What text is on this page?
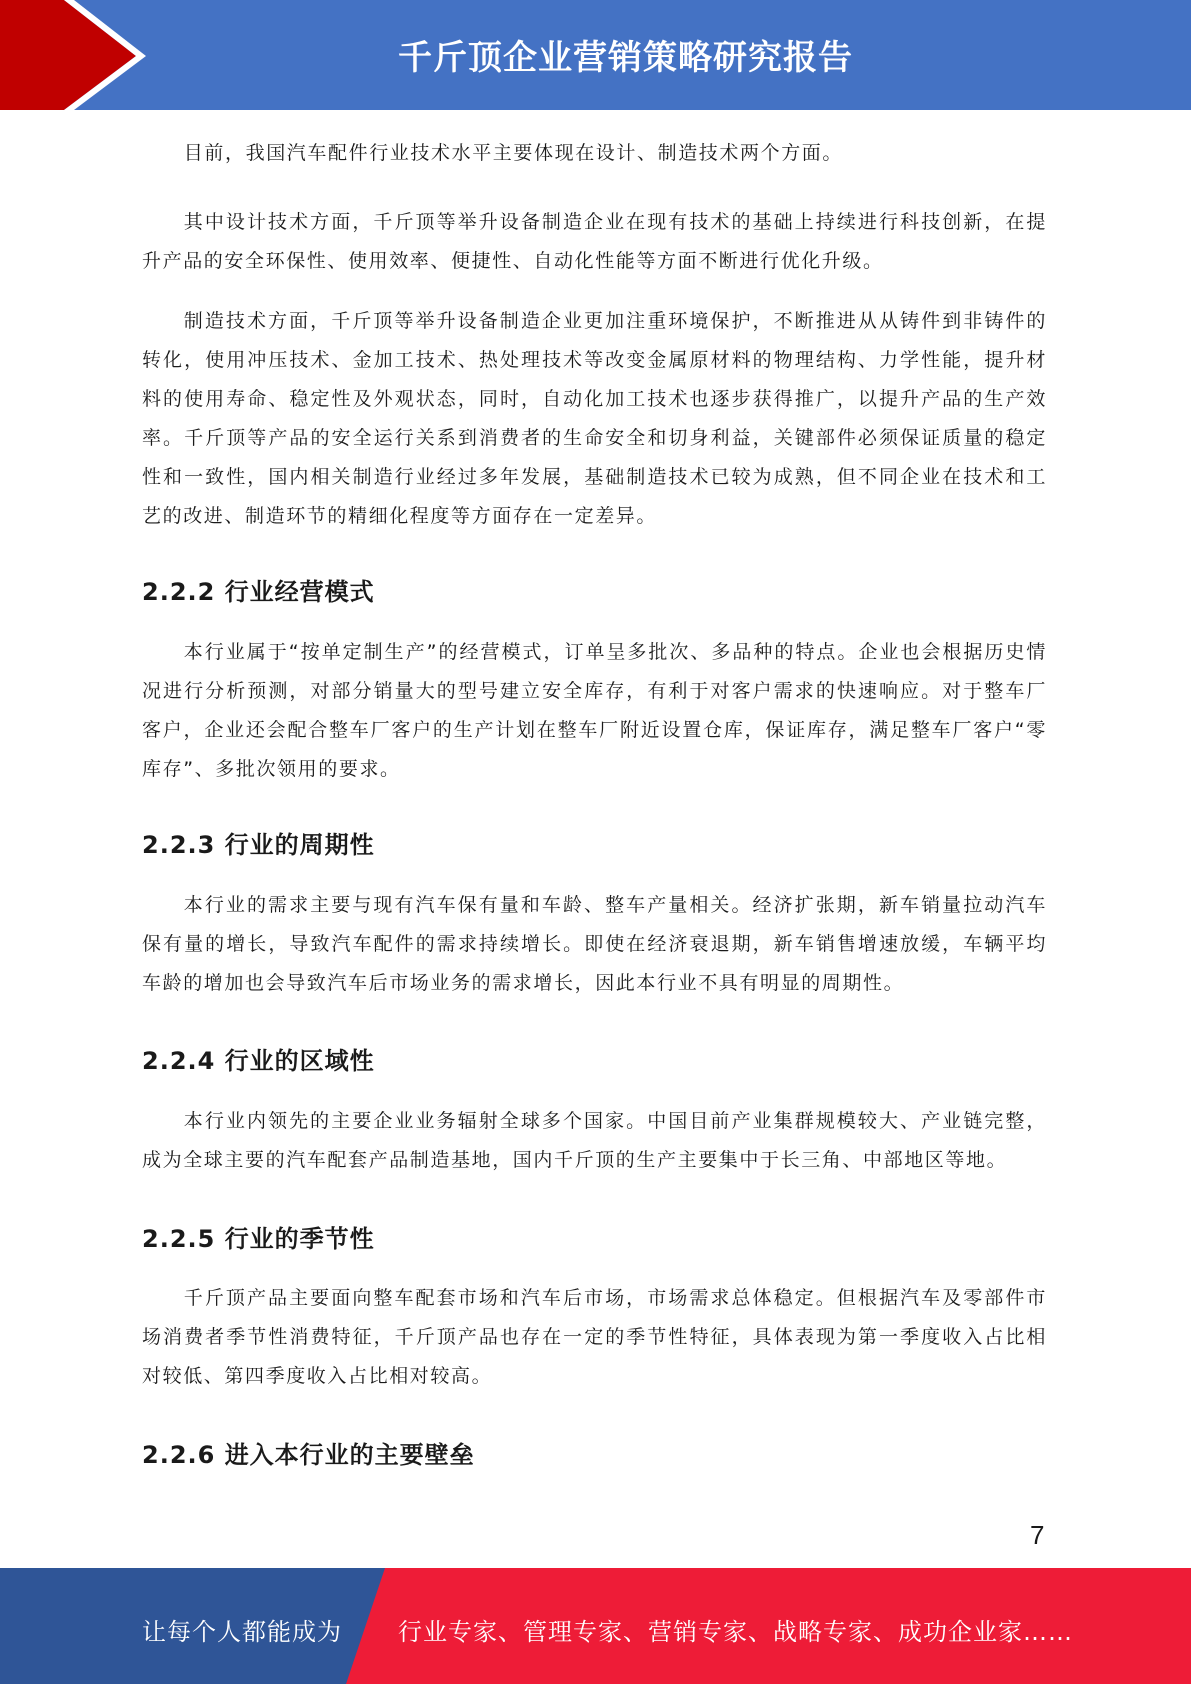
千斤顶企业营销策略研究报告

目前，我国汽车配件行业技术水平主要体现在设计、制造技术两个方面。

其中设计技术方面，千斤顶等举升设备制造企业在现有技术的基础上持续进行科技创新，在提升产品的安全环保性、使用效率、便捷性、自动化性能等方面不断进行优化升级。

制造技术方面，千斤顶等举升设备制造企业更加注重环境保护，不断推进从从铸件到非铸件的转化，使用冲压技术、金加工技术、热处理技术等改变金属原材料的物理结构、力学性能，提升材料的使用寿命、稳定性及外观状态，同时，自动化加工技术也逐步获得推广，以提升产品的生产效率。千斤顶等产品的安全运行关系到消费者的生命安全和切身利益，关键部件必须保证质量的稳定性和一致性，国内相关制造行业经过多年发展，基础制造技术已较为成熟，但不同企业在技术和工艺的改进、制造环节的精细化程度等方面存在一定差异。

2.2.2 行业经营模式

本行业属于“按单定制生产”的经营模式，订单呈多批次、多品种的特点。企业也会根据历史情况进行分析预测，对部分销量大的型号建立安全库存，有利于对客户需求的快速响应。对于整车厂客户，企业还会配合整车厂客户的生产计划在整车厂附近设置仓库，保证库存，满足整车厂客户“零库存”、多批次领用的要求。

2.2.3 行业的周期性

本行业的需求主要与现有汽车保有量和车龄、整车产量相关。经济扩张期，新车销量拉动汽车保有量的增长，导致汽车配件的需求持续增长。即使在经济衰退期，新车销售增速放缓，车辆平均车龄的增加也会导致汽车后市场业务的需求增长，因此本行业不具有明显的周期性。

2.2.4 行业的区域性

本行业内领先的主要企业业务辐射全球多个国家。中国目前产业集群规模较大、产业链完整，成为全球主要的汽车配套产品制造基地，国内千斤顶的生产主要集中于长三角、中部地区等地。

2.2.5 行业的季节性

千斤顶产品主要面向整车配套市场和汽车后市场，市场需求总体稳定。但根据汽车及零部件市场消费者季节性消费特征，千斤顶产品也存在一定的季节性特征，具体表现为第一季度收入占比相对较低、第四季度收入占比相对较高。

2.2.6 进入本行业的主要壁垒
7
让每个人都能成为 行业专家、管理专家、营销专家、战略专家、成功企业家……
